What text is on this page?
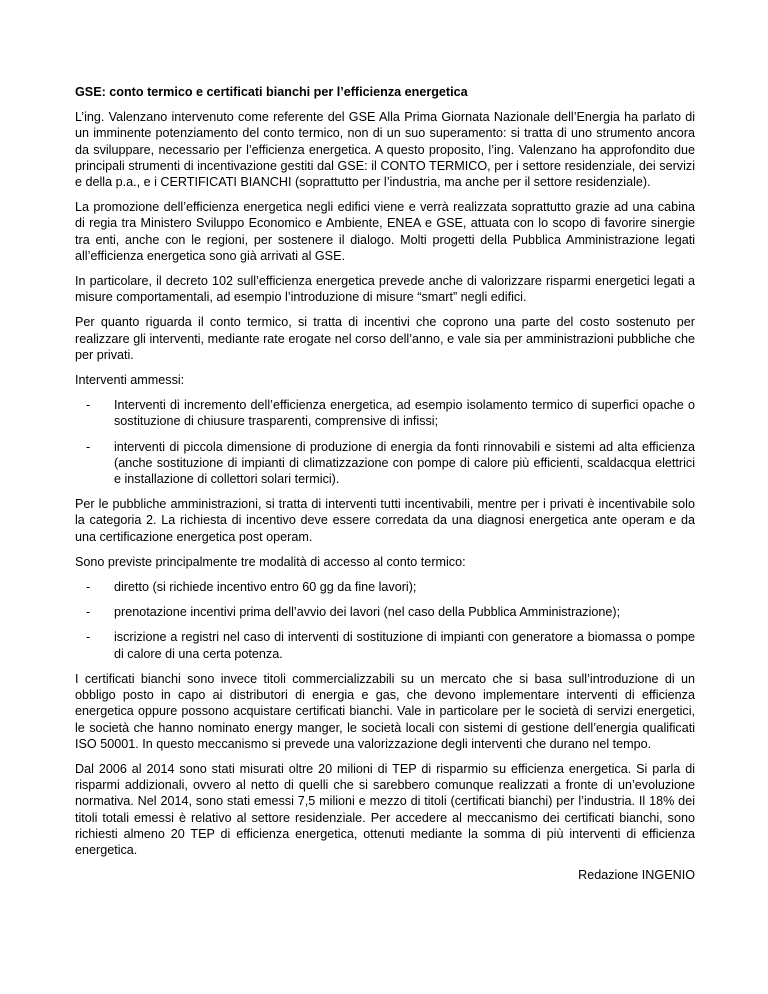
GSE: conto termico e certificati bianchi per l’efficienza energetica

L’ing. Valenzano intervenuto come referente del GSE Alla Prima Giornata Nazionale dell’Energia ha parlato di un imminente potenziamento del conto termico, non di un suo superamento: si tratta di uno strumento ancora da sviluppare, necessario per l’efficienza energetica. A questo proposito, l’ing. Valenzano ha approfondito due principali strumenti di incentivazione gestiti dal GSE: il CONTO TERMICO, per i settore residenziale, dei servizi e della p.a., e i CERTIFICATI BIANCHI (soprattutto per l’industria, ma anche per il settore residenziale).

La promozione dell’efficienza energetica negli edifici viene e verrà realizzata soprattutto grazie ad una cabina di regia tra Ministero Sviluppo Economico e Ambiente, ENEA e GSE, attuata con lo scopo di favorire sinergie tra enti, anche con le regioni, per sostenere il dialogo. Molti progetti della Pubblica Amministrazione legati all’efficienza energetica sono già arrivati al GSE.

In particolare, il decreto 102 sull’efficienza energetica prevede anche di valorizzare risparmi energetici legati a misure comportamentali, ad esempio l’introduzione di misure “smart” negli edifici.

Per quanto riguarda il conto termico, si tratta di incentivi che coprono una parte del costo sostenuto per realizzare gli interventi, mediante rate erogate nel corso dell’anno, e vale sia per amministrazioni pubbliche che per privati.

Interventi ammessi:

- Interventi di incremento dell’efficienza energetica, ad esempio isolamento termico di superfici opache o sostituzione di chiusure trasparenti, comprensive di infissi;
- interventi di piccola dimensione di produzione di energia da fonti rinnovabili e sistemi ad alta efficienza (anche sostituzione di impianti di climatizzazione con pompe di calore più efficienti, scaldacqua elettrici e installazione di collettori solari termici).

Per le pubbliche amministrazioni, si tratta di interventi tutti incentivabili, mentre per i privati è incentivabile solo la categoria 2. La richiesta di incentivo deve essere corredata da una diagnosi energetica ante operam e da una certificazione energetica post operam.

Sono previste principalmente tre modalità di accesso al conto termico:

- diretto (si richiede incentivo entro 60 gg da fine lavori);
- prenotazione incentivi prima dell’avvio dei lavori (nel caso della Pubblica Amministrazione);
- iscrizione a registri nel caso di interventi di sostituzione di impianti con generatore a biomassa o pompe di calore di una certa potenza.

I certificati bianchi sono invece titoli commercializzabili su un mercato che si basa sull’introduzione di un obbligo posto in capo ai distributori di energia e gas, che devono implementare interventi di efficienza energetica oppure possono acquistare certificati bianchi. Vale in particolare per le società di servizi energetici, le società che hanno nominato energy manger, le società locali con sistemi di gestione dell’energia qualificati ISO 50001. In questo meccanismo si prevede una valorizzazione degli interventi che durano nel tempo.

Dal 2006 al 2014 sono stati misurati oltre 20 milioni di TEP di risparmio su efficienza energetica. Si parla di risparmi addizionali, ovvero al netto di quelli che si sarebbero comunque realizzati a fronte di un’evoluzione normativa. Nel 2014, sono stati emessi 7,5 milioni e mezzo di titoli (certificati bianchi) per l’industria. Il 18% dei titoli totali emessi è relativo al settore residenziale. Per accedere al meccanismo dei certificati bianchi, sono richiesti almeno 20 TEP di efficienza energetica, ottenuti mediante la somma di più interventi di efficienza energetica.

Redazione INGENIO
